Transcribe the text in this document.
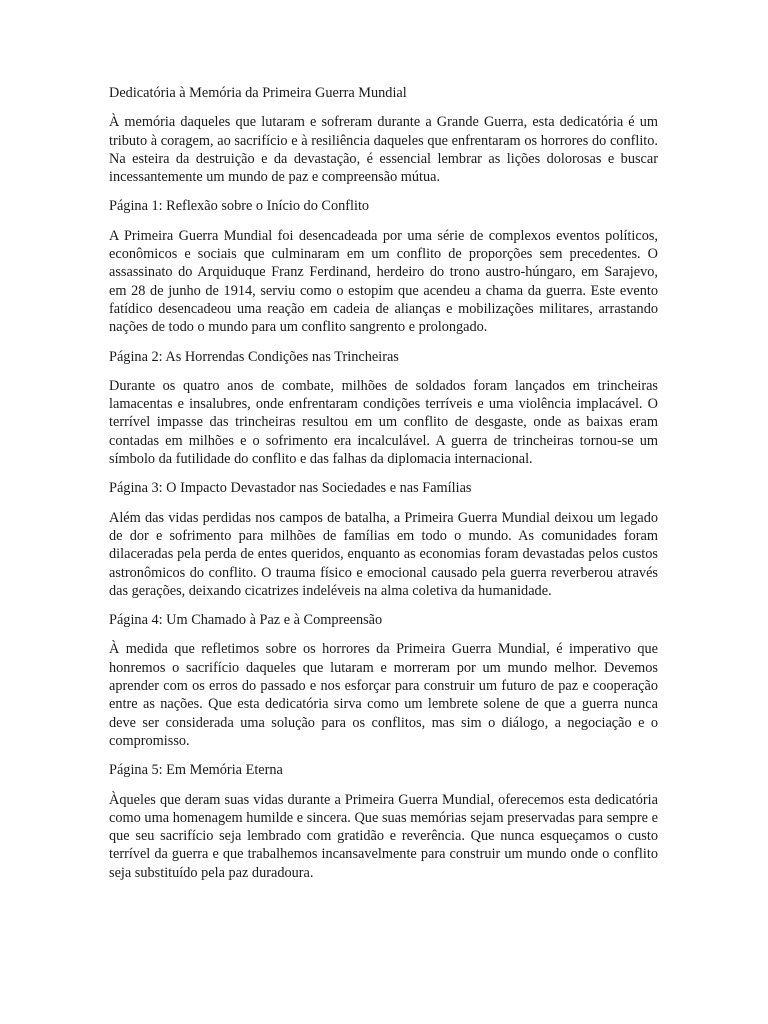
Dedicatória à Memória da Primeira Guerra Mundial

À memória daqueles que lutaram e sofreram durante a Grande Guerra, esta dedicatória é um tributo à coragem, ao sacrifício e à resiliência daqueles que enfrentaram os horrores do conflito. Na esteira da destruição e da devastação, é essencial lembrar as lições dolorosas e buscar incessantemente um mundo de paz e compreensão mútua.

Página 1: Reflexão sobre o Início do Conflito

A Primeira Guerra Mundial foi desencadeada por uma série de complexos eventos políticos, econômicos e sociais que culminaram em um conflito de proporções sem precedentes. O assassinato do Arquiduque Franz Ferdinand, herdeiro do trono austro-húngaro, em Sarajevo, em 28 de junho de 1914, serviu como o estopim que acendeu a chama da guerra. Este evento fatídico desencadeou uma reação em cadeia de alianças e mobilizações militares, arrastando nações de todo o mundo para um conflito sangrento e prolongado.

Página 2: As Horrendas Condições nas Trincheiras

Durante os quatro anos de combate, milhões de soldados foram lançados em trincheiras lamacentas e insalubres, onde enfrentaram condições terríveis e uma violência implacável. O terrível impasse das trincheiras resultou em um conflito de desgaste, onde as baixas eram contadas em milhões e o sofrimento era incalculável. A guerra de trincheiras tornou-se um símbolo da futilidade do conflito e das falhas da diplomacia internacional.

Página 3: O Impacto Devastador nas Sociedades e nas Famílias

Além das vidas perdidas nos campos de batalha, a Primeira Guerra Mundial deixou um legado de dor e sofrimento para milhões de famílias em todo o mundo. As comunidades foram dilaceradas pela perda de entes queridos, enquanto as economias foram devastadas pelos custos astronômicos do conflito. O trauma físico e emocional causado pela guerra reverberou através das gerações, deixando cicatrizes indeléveis na alma coletiva da humanidade.

Página 4: Um Chamado à Paz e à Compreensão

À medida que refletimos sobre os horrores da Primeira Guerra Mundial, é imperativo que honremos o sacrifício daqueles que lutaram e morreram por um mundo melhor. Devemos aprender com os erros do passado e nos esforçar para construir um futuro de paz e cooperação entre as nações. Que esta dedicatória sirva como um lembrete solene de que a guerra nunca deve ser considerada uma solução para os conflitos, mas sim o diálogo, a negociação e o compromisso.

Página 5: Em Memória Eterna

Àqueles que deram suas vidas durante a Primeira Guerra Mundial, oferecemos esta dedicatória como uma homenagem humilde e sincera. Que suas memórias sejam preservadas para sempre e que seu sacrifício seja lembrado com gratidão e reverência. Que nunca esqueçamos o custo terrível da guerra e que trabalhemos incansavelmente para construir um mundo onde o conflito seja substituído pela paz duradoura.
